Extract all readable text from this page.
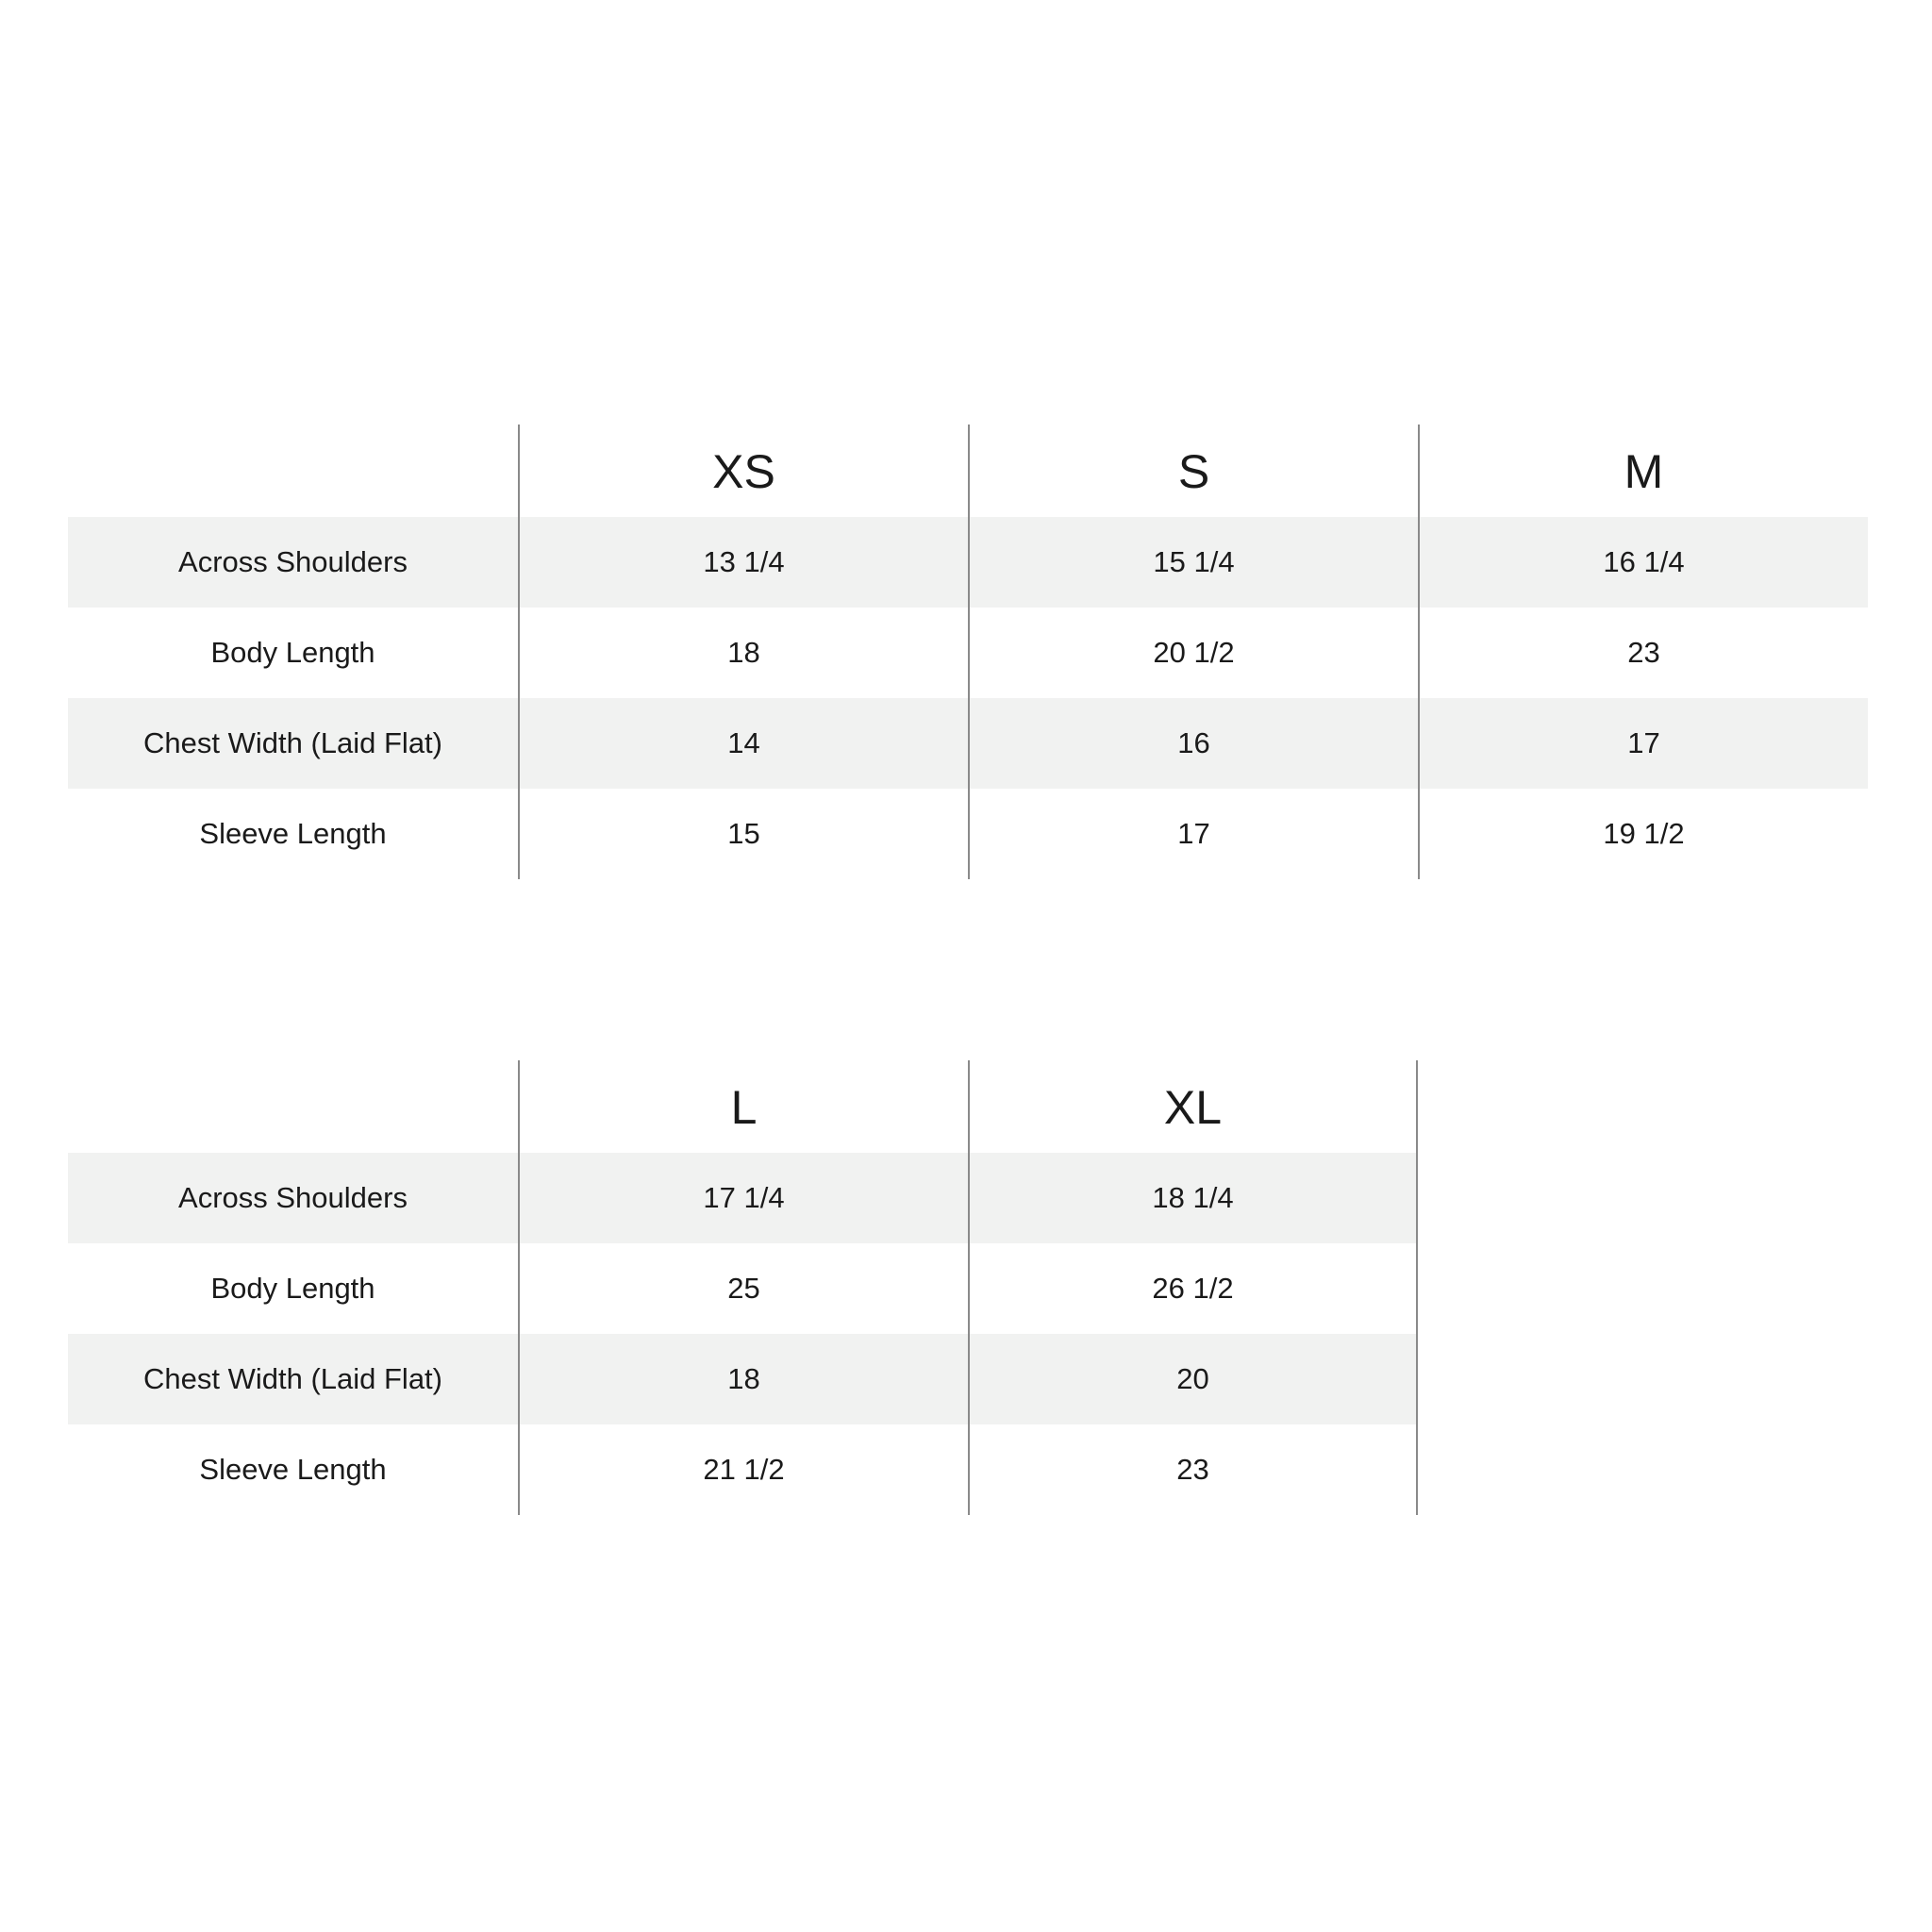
XS	S	M
Across Shoulders	13 1/4	15 1/4	16 1/4
Body Length	18	20 1/2	23
Chest Width (Laid Flat)	14	16	17
Sleeve Length	15	17	19 1/2
L	XL
Across Shoulders	17 1/4	18 1/4
Body Length	25	26 1/2
Chest Width (Laid Flat)	18	20
Sleeve Length	21 1/2	23
